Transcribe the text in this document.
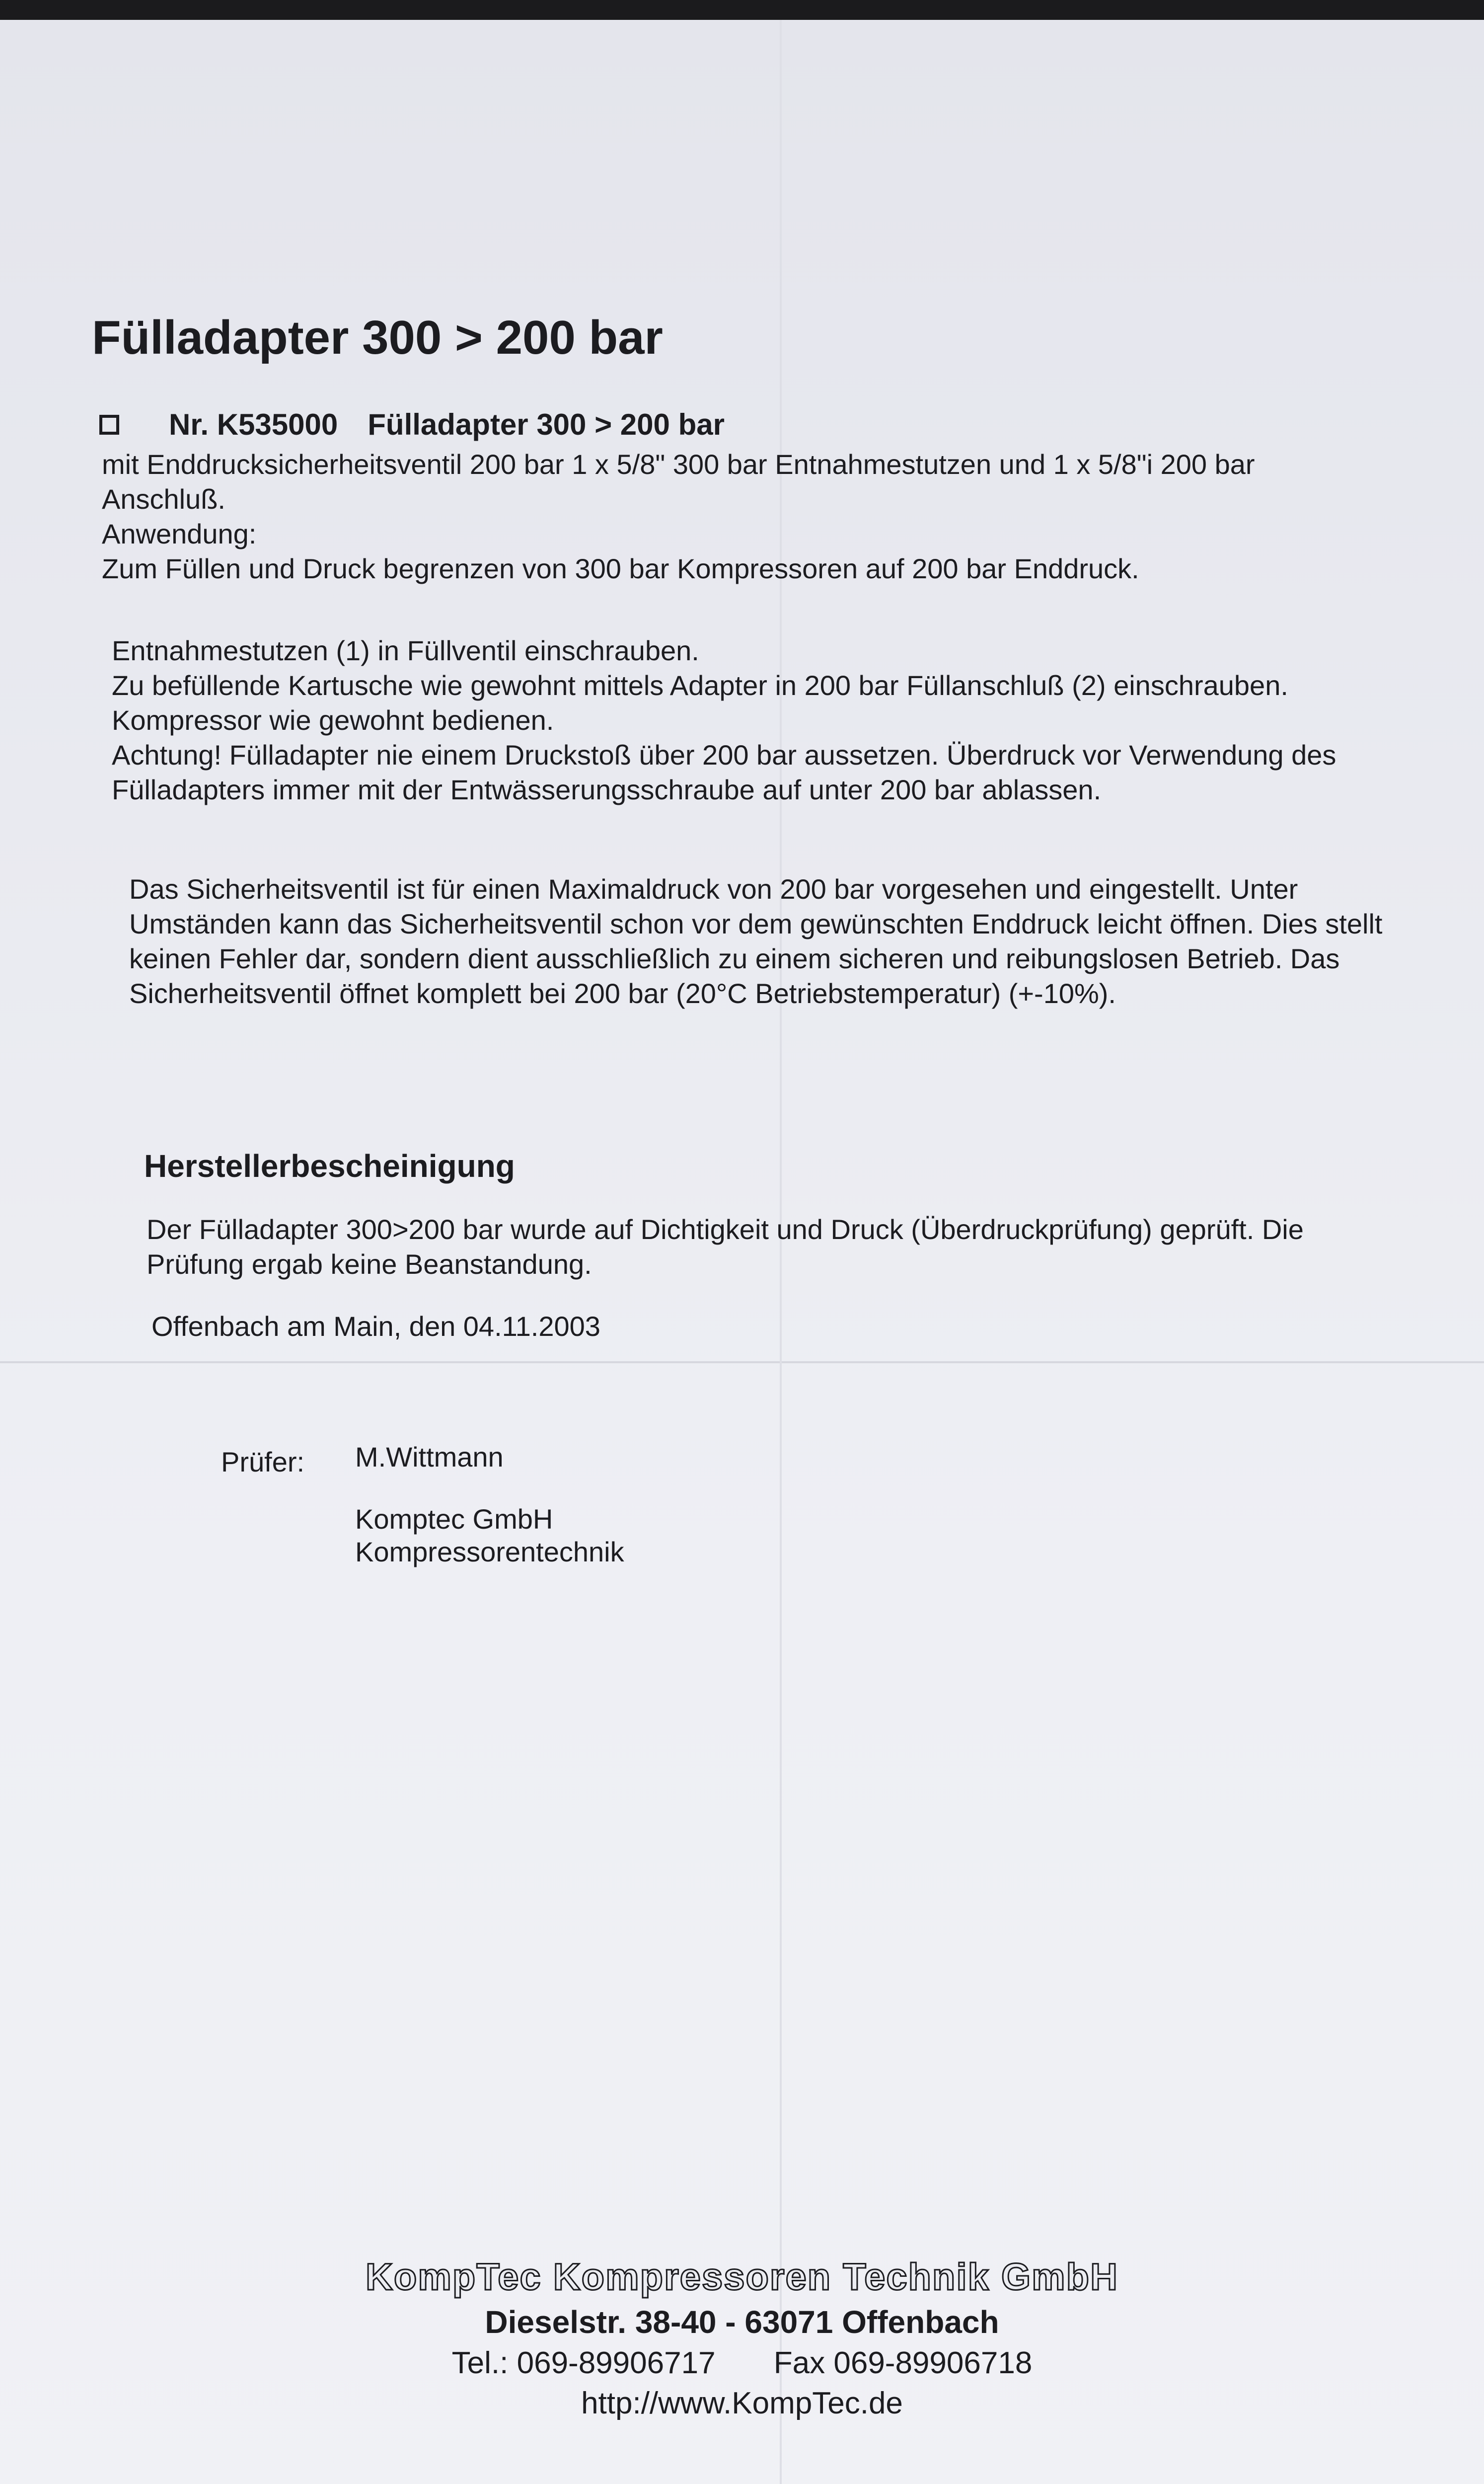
Fülladapter 300 > 200 bar
Nr. K535000 Fülladapter 300 > 200 bar
mit Enddrucksicherheitsventil 200 bar 1 x 5/8" 300 bar Entnahmestutzen und 1 x 5/8"i 200 bar
Anschluß.
Anwendung:
Zum Füllen und Druck begrenzen von 300 bar Kompressoren auf 200 bar Enddruck.
Entnahmestutzen (1) in Füllventil einschrauben.
Zu befüllende Kartusche wie gewohnt mittels Adapter in 200 bar Füllanschluß (2) einschrauben.
Kompressor wie gewohnt bedienen.
Achtung! Fülladapter nie einem Druckstoß über 200 bar aussetzen. Überdruck vor Verwendung des
Fülladapters immer mit der Entwässerungsschraube auf unter 200 bar ablassen.
Das Sicherheitsventil ist für einen Maximaldruck von 200 bar vorgesehen und eingestellt. Unter
Umständen kann das Sicherheitsventil schon vor dem gewünschten Enddruck leicht öffnen. Dies stellt
keinen Fehler dar, sondern dient ausschließlich zu einem sicheren und reibungslosen Betrieb. Das
Sicherheitsventil öffnet komplett bei 200 bar (20°C Betriebstemperatur) (+-10%).
Herstellerbescheinigung
Der Fülladapter 300>200 bar wurde auf Dichtigkeit und Druck (Überdruckprüfung) geprüft. Die
Prüfung ergab keine Beanstandung.
Offenbach am Main, den 04.11.2003
Prüfer: M.Wittmann
Komptec GmbH
Kompressorentechnik
KompTec Kompressoren Technik GmbH
Dieselstr. 38-40 - 63071 Offenbach
Tel.: 069-89906717 Fax 069-89906718
http://www.KompTec.de
